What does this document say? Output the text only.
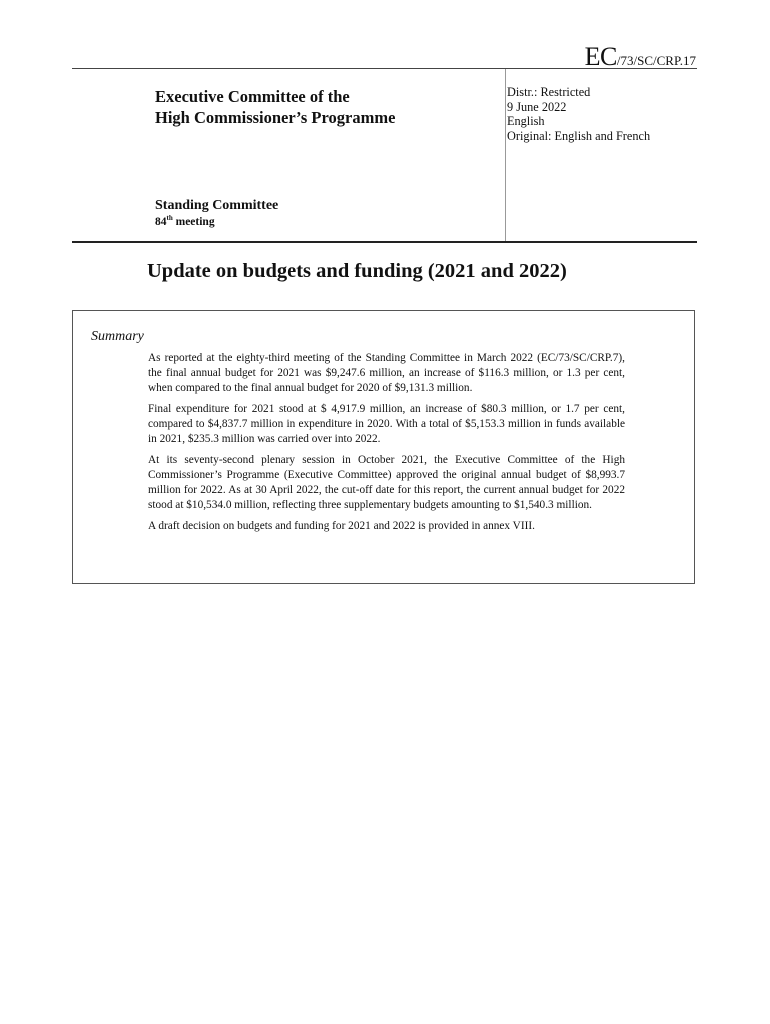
EC/73/SC/CRP.17
Executive Committee of the
High Commissioner’s Programme
Distr.: Restricted
9 June 2022
English
Original: English and French
Standing Committee
84th meeting
Update on budgets and funding (2021 and 2022)
Summary

As reported at the eighty-third meeting of the Standing Committee in March 2022 (EC/73/SC/CRP.7), the final annual budget for 2021 was $9,247.6 million, an increase of $116.3 million, or 1.3 per cent, when compared to the final annual budget for 2020 of $9,131.3 million.

Final expenditure for 2021 stood at $ 4,917.9 million, an increase of $80.3 million, or 1.7 per cent, compared to $4,837.7 million in expenditure in 2020. With a total of $5,153.3 million in funds available in 2021, $235.3 million was carried over into 2022.

At its seventy-second plenary session in October 2021, the Executive Committee of the High Commissioner’s Programme (Executive Committee) approved the original annual budget of $8,993.7 million for 2022. As at 30 April 2022, the cut-off date for this report, the current annual budget for 2022 stood at $10,534.0 million, reflecting three supplementary budgets amounting to $1,540.3 million.

A draft decision on budgets and funding for 2021 and 2022 is provided in annex VIII.
